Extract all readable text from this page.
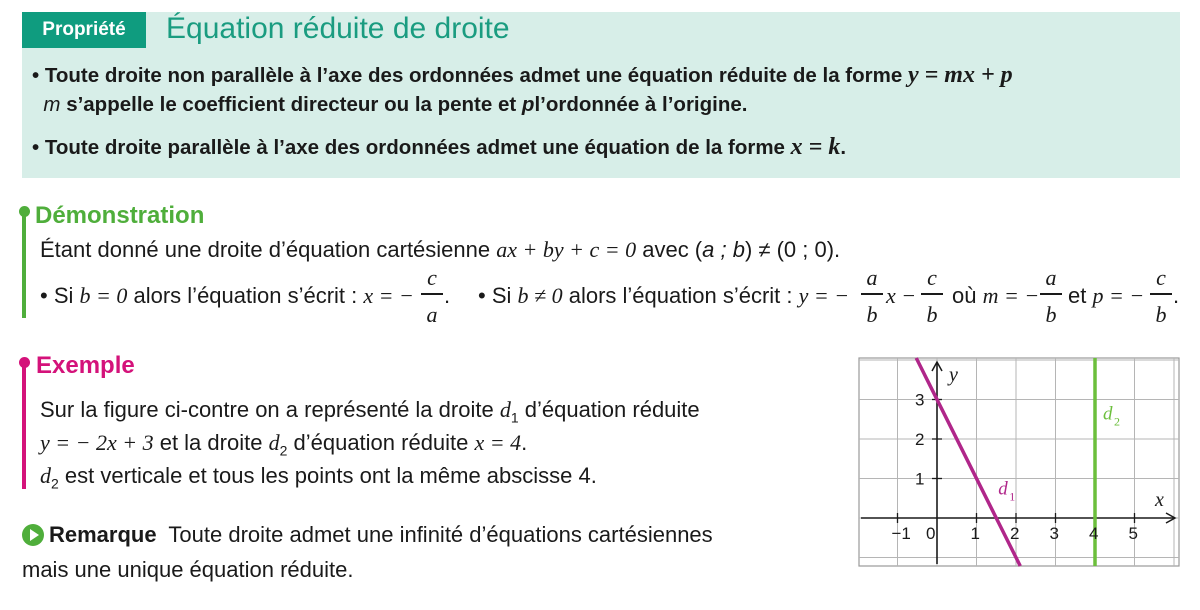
Propriété	Équation réduite de droite
• Toute droite non parallèle à l’axe des ordonnées admet une équation réduite de la forme y = mx + p
m s’appelle le coefficient directeur ou la pente et pl’ordonnée à l’origine.
• Toute droite parallèle à l’axe des ordonnées admet une équation de la forme x = k.
Démonstration
Étant donné une droite d’équation cartésienne ax + by + c = 0 avec (a ; b) ≠ (0 ; 0).
• Si b = 0 alors l’équation s’écrit : x = −
c
a
. • Si b ≠ 0 alors l’équation s’écrit : y = −
a
b
x −
c
b
où m = −
a
b
et p = −
c
b
.
Exemple
Sur la figure ci-contre on a représenté la droite $d_1$ d’équation réduite
y = − 2x + 3 et la droite $d_2$ d’équation réduite x = 4.
$d_2$ est verticale et tous les points ont la même abscisse 4.
Remarque Toute droite admet une infinité d’équations cartésiennes
mais une unique équation réduite.
−1 0 1 2 3 4 5
1
2
3
x
y
d 1
d 2
